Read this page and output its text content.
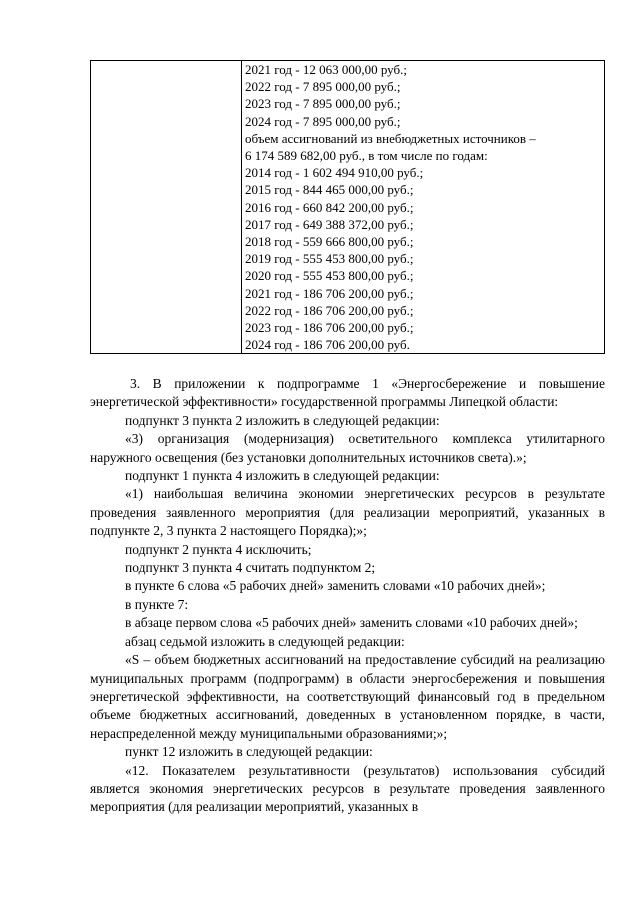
2021 год - 12 063 000,00 руб.;
2022 год - 7 895 000,00 руб.;
2023 год - 7 895 000,00 руб.;
2024 год - 7 895 000,00 руб.;
объем ассигнований из внебюджетных источников –
6 174 589 682,00 руб., в том числе по годам:
2014 год - 1 602 494 910,00 руб.;
2015 год - 844 465 000,00 руб.;
2016 год - 660 842 200,00 руб.;
2017 год - 649 388 372,00 руб.;
2018 год - 559 666 800,00 руб.;
2019 год - 555 453 800,00 руб.;
2020 год - 555 453 800,00 руб.;
2021 год - 186 706 200,00 руб.;
2022 год - 186 706 200,00 руб.;
2023 год - 186 706 200,00 руб.;
2024 год - 186 706 200,00 руб.

3. В приложении к подпрограмме 1 «Энергосбережение и повышение энергетической эффективности» государственной программы Липецкой области:

подпункт 3 пункта 2 изложить в следующей редакции:

«3) организация (модернизация) осветительного комплекса утилитарного наружного освещения (без установки дополнительных источников света).»;

подпункт 1 пункта 4 изложить в следующей редакции:

«1) наибольшая величина экономии энергетических ресурсов в результате проведения заявленного мероприятия (для реализации мероприятий, указанных в подпункте 2, 3 пункта 2 настоящего Порядка);»;

подпункт 2 пункта 4 исключить;

подпункт 3 пункта 4 считать подпунктом 2;

в пункте 6 слова «5 рабочих дней» заменить словами «10 рабочих дней»;

в пункте 7:

в абзаце первом слова «5 рабочих дней» заменить словами «10 рабочих дней»;

абзац седьмой изложить в следующей редакции:

«S – объем бюджетных ассигнований на предоставление субсидий на реализацию муниципальных программ (подпрограмм) в области энергосбережения и повышения энергетической эффективности, на соответствующий финансовый год в предельном объеме бюджетных ассигнований, доведенных в установленном порядке, в части, нераспределенной между муниципальными образованиями;»;

пункт 12 изложить в следующей редакции:

«12. Показателем результативности (результатов) использования субсидий является экономия энергетических ресурсов в результате проведения заявленного мероприятия (для реализации мероприятий, указанных в
